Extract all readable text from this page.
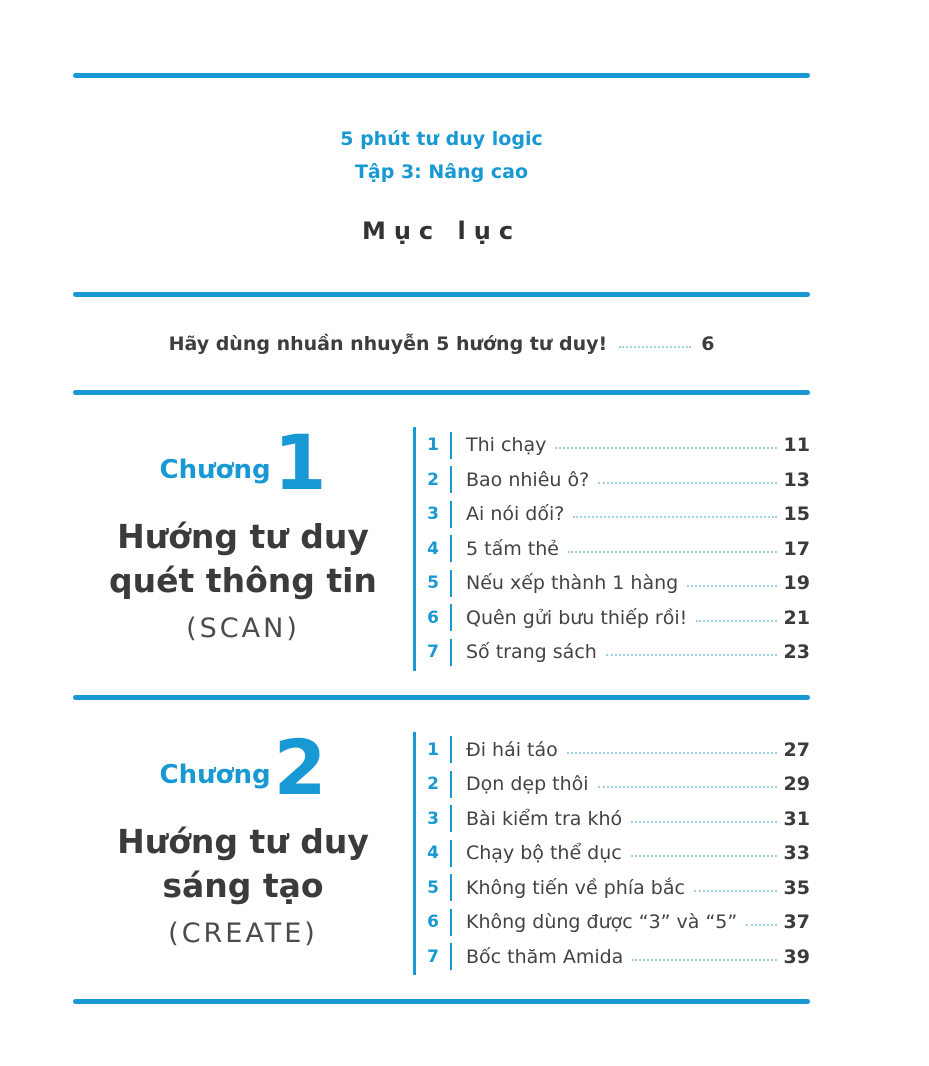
5 phút tư duy logic
Tập 3: Nâng cao
Mục lục
Hãy dùng nhuần nhuyễn 5 hướng tư duy!	6
Chương 1
Hướng tư duy
quét thông tin
(SCAN)
1	Thi chạy	11
2	Bao nhiêu ô?	13
3	Ai nói dối?	15
4	5 tấm thẻ	17
5	Nếu xếp thành 1 hàng	19
6	Quên gửi bưu thiếp rồi!	21
7	Số trang sách	23
Chương 2
Hướng tư duy
sáng tạo
(CREATE)
1	Đi hái táo	27
2	Dọn dẹp thôi	29
3	Bài kiểm tra khó	31
4	Chạy bộ thể dục	33
5	Không tiến về phía bắc	35
6	Không dùng được “3” và “5” 37
7	Bốc thăm Amida	39
